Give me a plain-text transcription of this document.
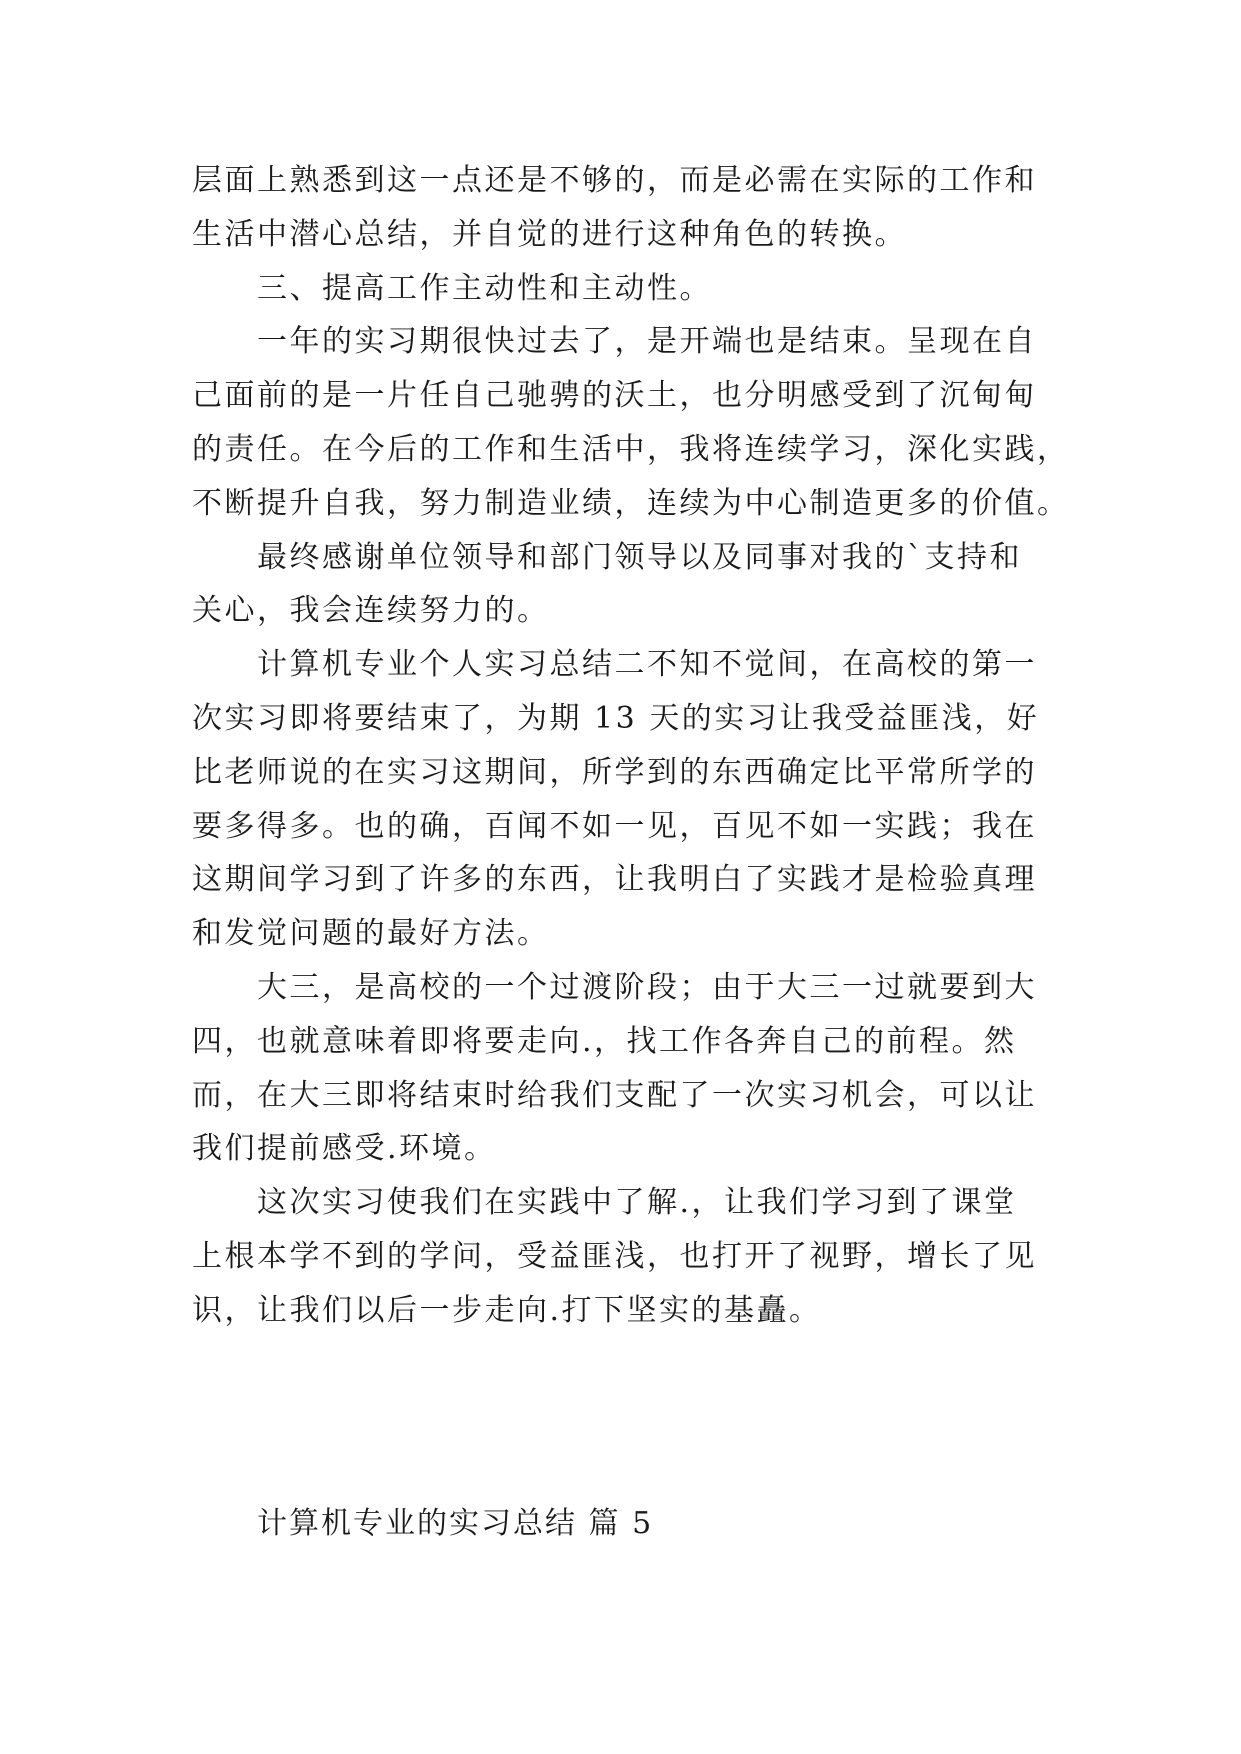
层面上熟悉到这一点还是不够的，而是必需在实际的工作和
生活中潜心总结，并自觉的进行这种角色的转换。

三、提高工作主动性和主动性。

一年的实习期很快过去了，是开端也是结束。呈现在自
己面前的是一片任自己驰骋的沃土，也分明感受到了沉甸甸
的责任。在今后的工作和生活中，我将连续学习，深化实践，
不断提升自我，努力制造业绩，连续为中心制造更多的价值。

最终感谢单位领导和部门领导以及同事对我的`支持和
关心，我会连续努力的。

计算机专业个人实习总结二不知不觉间，在高校的第一
次实习即将要结束了，为期 13 天的实习让我受益匪浅，好
比老师说的在实习这期间，所学到的东西确定比平常所学的
要多得多。也的确，百闻不如一见，百见不如一实践；我在
这期间学习到了许多的东西，让我明白了实践才是检验真理
和发觉问题的最好方法。

大三，是高校的一个过渡阶段；由于大三一过就要到大
四，也就意味着即将要走向.，找工作各奔自己的前程。然
而，在大三即将结束时给我们支配了一次实习机会，可以让
我们提前感受.环境。

这次实习使我们在实践中了解.，让我们学习到了课堂
上根本学不到的学问，受益匪浅，也打开了视野，增长了见
识，让我们以后一步走向.打下坚实的基矗。

计算机专业的实习总结 篇 5
